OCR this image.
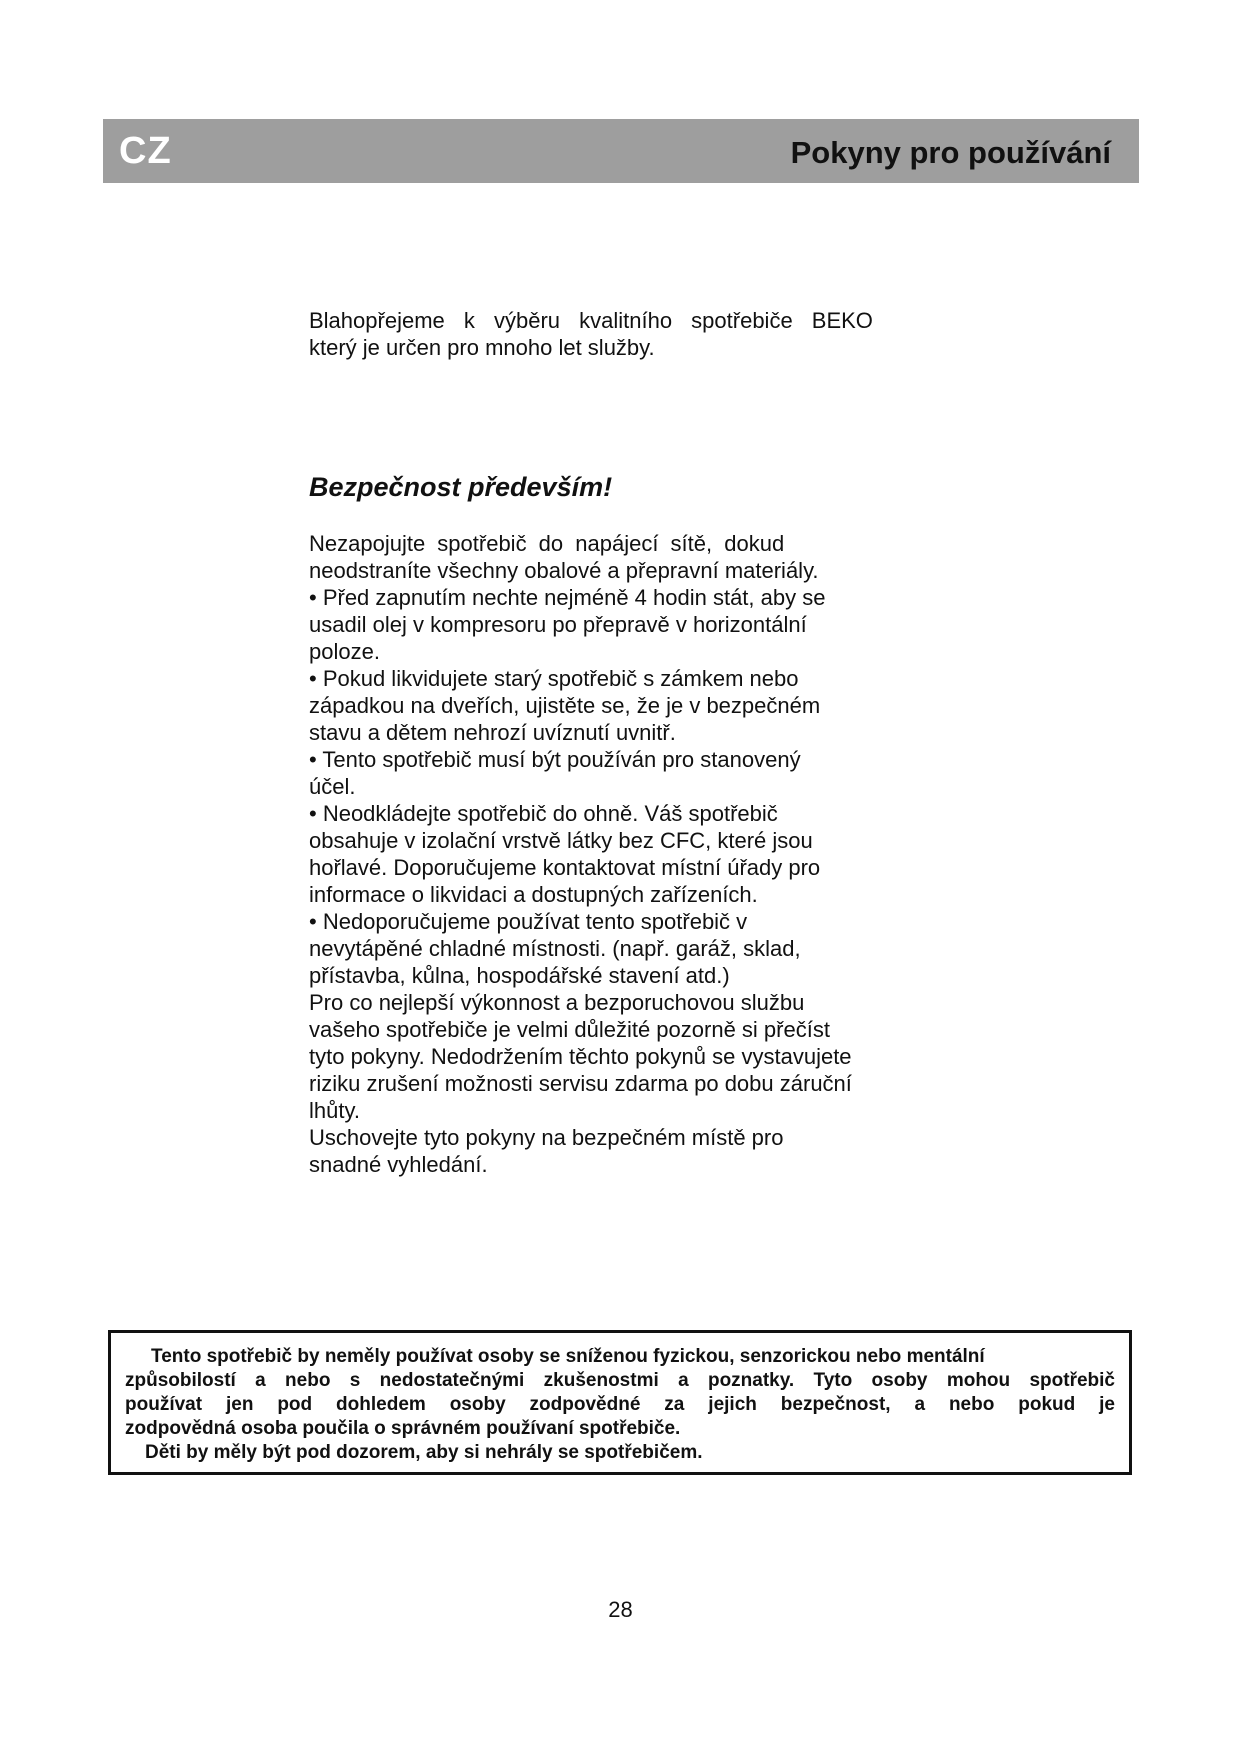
CZ	Pokyny pro používání

Blahopřejeme k výběru kvalitního spotřebiče BEKO
který je určen pro mnoho let služby.

Bezpečnost především!
Nezapojujte spotřebič do napájecí sítě, dokud
neodstraníte všechny obalové a přepravní materiály.
• Před zapnutím nechte nejméně 4 hodin stát, aby se
usadil olej v kompresoru po přepravě v horizontální
poloze.
• Pokud likvidujete starý spotřebič s zámkem nebo
západkou na dveřích, ujistěte se, že je v bezpečném
stavu a dětem nehrozí uvíznutí uvnitř.
• Tento spotřebič musí být používán pro stanovený
účel.
• Neodkládejte spotřebič do ohně. Váš spotřebič
obsahuje v izolační vrstvě látky bez CFC, které jsou
hořlavé. Doporučujeme kontaktovat místní úřady pro
informace o likvidaci a dostupných zařízeních.
• Nedoporučujeme používat tento spotřebič v
nevytápěné chladné místnosti. (např. garáž, sklad,
přístavba, kůlna, hospodářské stavení atd.)
Pro co nejlepší výkonnost a bezporuchovou službu
vašeho spotřebiče je velmi důležité pozorně si přečíst
tyto pokyny. Nedodržením těchto pokynů se vystavujete
riziku zrušení možnosti servisu zdarma po dobu záruční
lhůty.
Uschovejte tyto pokyny na bezpečném místě pro
snadné vyhledání.
Tento spotřebič by neměly používat osoby se sníženou fyzickou, senzorickou nebo mentální
způsobilostí a nebo s nedostatečnými zkušenostmi a poznatky. Tyto osoby mohou spotřebič
používat jen pod dohledem osoby zodpovědné za jejich bezpečnost, a nebo pokud je
zodpovědná osoba poučila o správném používaní spotřebiče.
Děti by měly být pod dozorem, aby si nehrály se spotřebičem.
28
